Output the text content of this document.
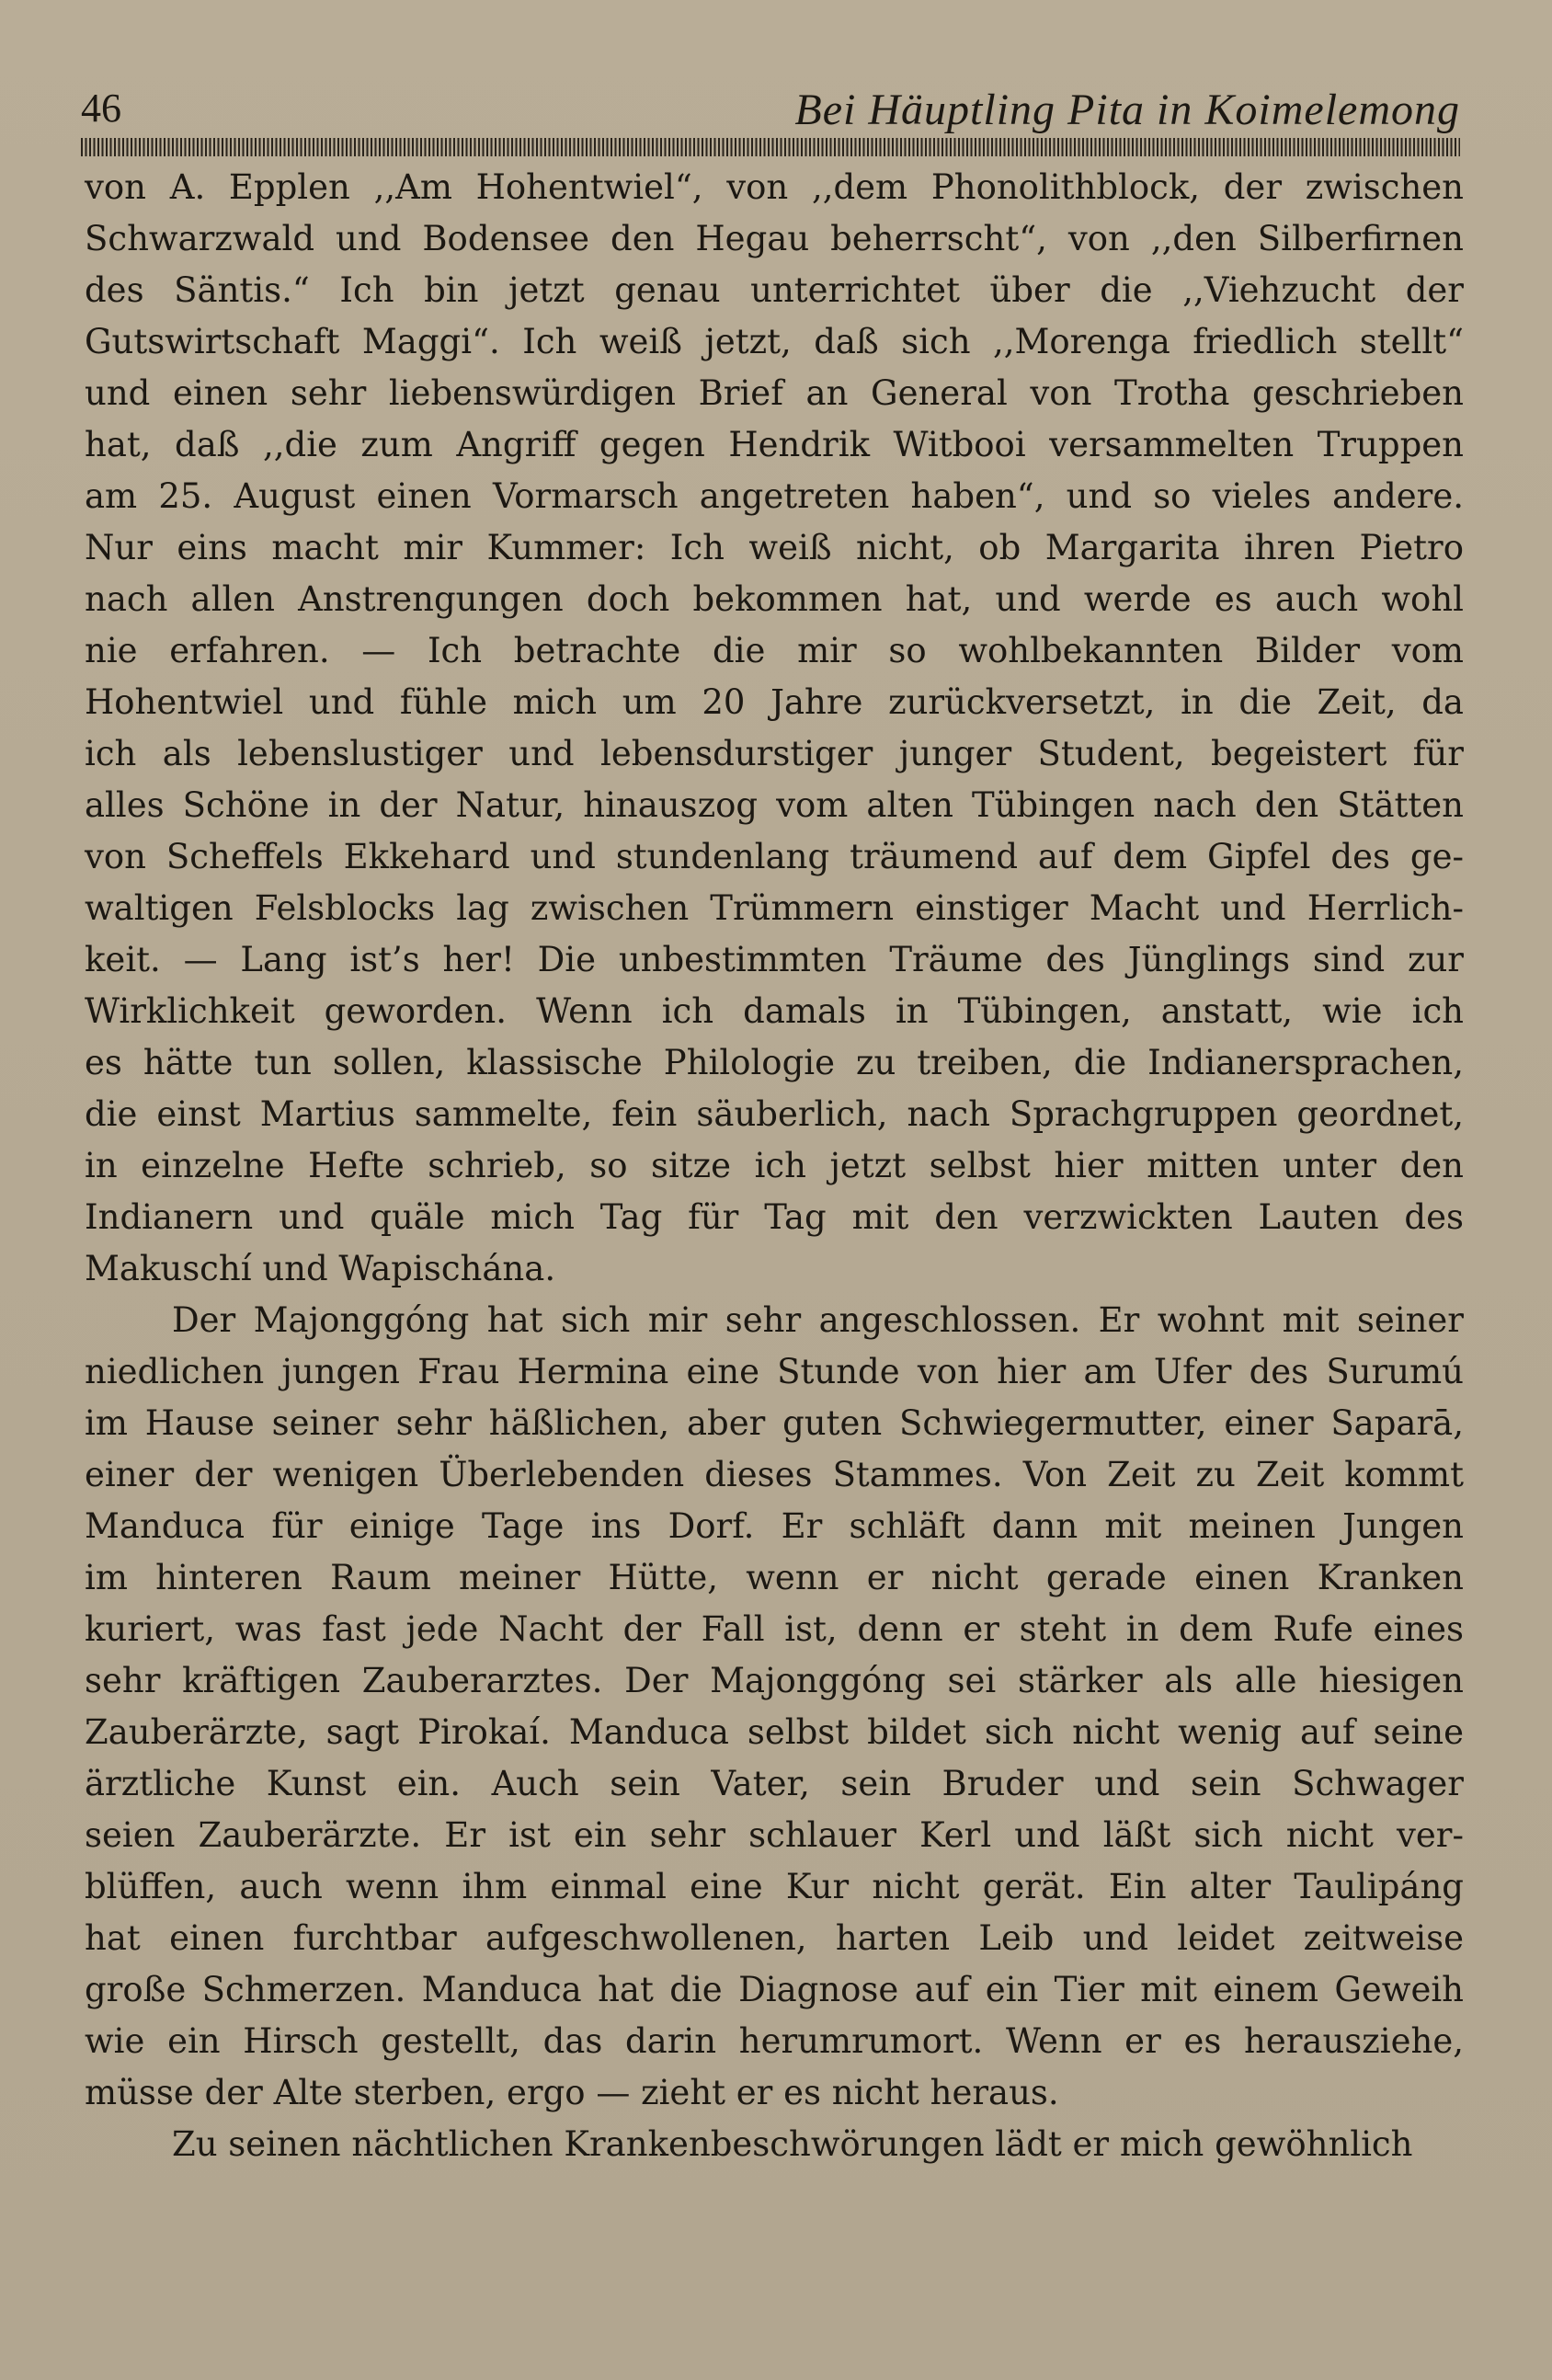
46	Bei Häuptling Pita in Koimelemong
von A. Epplen ,,Am Hohentwiel“, von ,,dem Phonolithblock, der zwischen
Schwarzwald und Bodensee den Hegau beherrscht“, von ,,den Silberfirnen
des Säntis.“ Ich bin jetzt genau unterrichtet über die ,,Viehzucht der
Gutswirtschaft Maggi“. Ich weiß jetzt, daß sich ,,Morenga friedlich stellt“
und einen sehr liebenswürdigen Brief an General von Trotha geschrieben
hat, daß ,,die zum Angriff gegen Hendrik Witbooi versammelten Truppen
am 25. August einen Vormarsch angetreten haben“, und so vieles andere.
Nur eins macht mir Kummer: Ich weiß nicht, ob Margarita ihren Pietro
nach allen Anstrengungen doch bekommen hat, und werde es auch wohl
nie erfahren. — Ich betrachte die mir so wohlbekannten Bilder vom
Hohentwiel und fühle mich um 20 Jahre zurückversetzt, in die Zeit, da
ich als lebenslustiger und lebensdurstiger junger Student, begeistert für
alles Schöne in der Natur, hinauszog vom alten Tübingen nach den Stätten
von Scheffels Ekkehard und stundenlang träumend auf dem Gipfel des ge-
waltigen Felsblocks lag zwischen Trümmern einstiger Macht und Herrlich-
keit. — Lang ist’s her! Die unbestimmten Träume des Jünglings sind zur
Wirklichkeit geworden. Wenn ich damals in Tübingen, anstatt, wie ich
es hätte tun sollen, klassische Philologie zu treiben, die Indianersprachen,
die einst Martius sammelte, fein säuberlich, nach Sprachgruppen geordnet,
in einzelne Hefte schrieb, so sitze ich jetzt selbst hier mitten unter den
Indianern und quäle mich Tag für Tag mit den verzwickten Lauten des
Makuschí und Wapischána.
Der Majonggóng hat sich mir sehr angeschlossen. Er wohnt mit seiner
niedlichen jungen Frau Hermina eine Stunde von hier am Ufer des Surumú
im Hause seiner sehr häßlichen, aber guten Schwiegermutter, einer Saparā,
einer der wenigen Überlebenden dieses Stammes. Von Zeit zu Zeit kommt
Manduca für einige Tage ins Dorf. Er schläft dann mit meinen Jungen
im hinteren Raum meiner Hütte, wenn er nicht gerade einen Kranken
kuriert, was fast jede Nacht der Fall ist, denn er steht in dem Rufe eines
sehr kräftigen Zauberarztes. Der Majonggóng sei stärker als alle hiesigen
Zauberärzte, sagt Pirokaí. Manduca selbst bildet sich nicht wenig auf seine
ärztliche Kunst ein. Auch sein Vater, sein Bruder und sein Schwager
seien Zauberärzte. Er ist ein sehr schlauer Kerl und läßt sich nicht ver-
blüffen, auch wenn ihm einmal eine Kur nicht gerät. Ein alter Taulipáng
hat einen furchtbar aufgeschwollenen, harten Leib und leidet zeitweise
große Schmerzen. Manduca hat die Diagnose auf ein Tier mit einem Geweih
wie ein Hirsch gestellt, das darin herumrumort. Wenn er es herausziehe,
müsse der Alte sterben, ergo — zieht er es nicht heraus.
Zu seinen nächtlichen Krankenbeschwörungen lädt er mich gewöhnlich
